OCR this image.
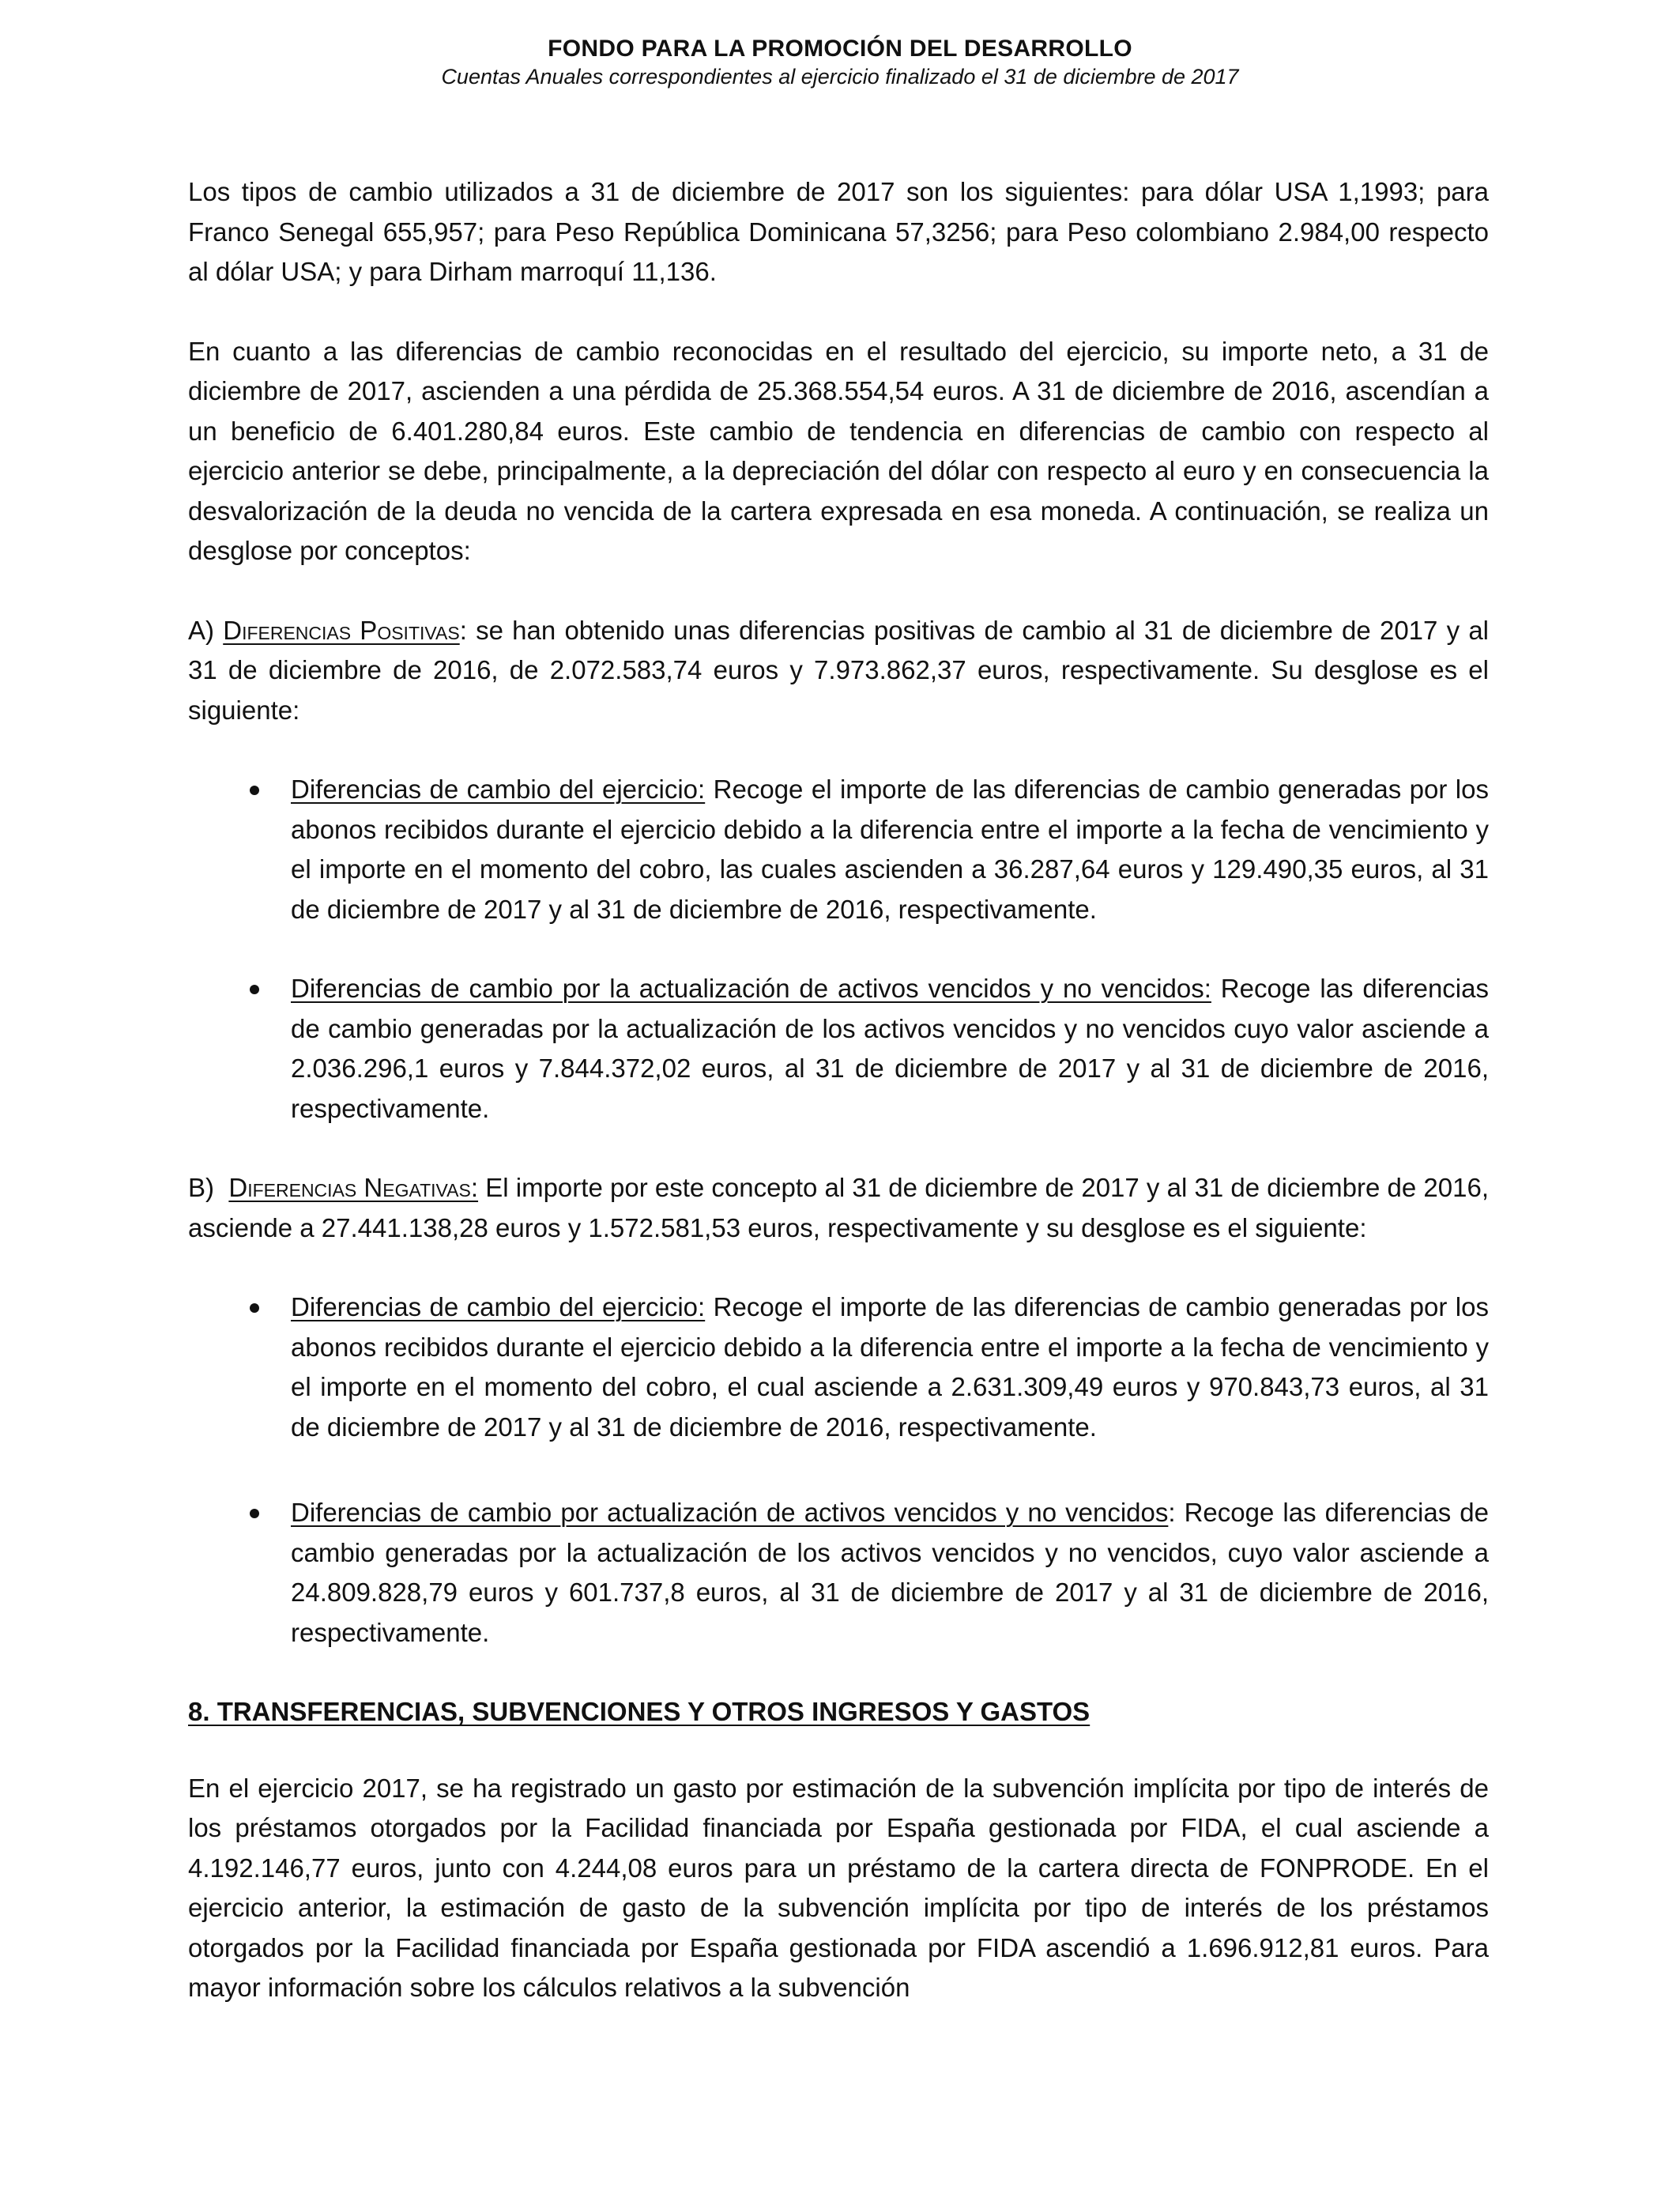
FONDO PARA LA PROMOCIÓN DEL DESARROLLO
Cuentas Anuales correspondientes al ejercicio finalizado el 31 de diciembre de 2017

Los tipos de cambio utilizados a 31 de diciembre de 2017 son los siguientes: para dólar USA 1,1993; para Franco Senegal 655,957; para Peso República Dominicana 57,3256; para Peso colombiano 2.984,00 respecto al dólar USA; y para Dirham marroquí 11,136.

En cuanto a las diferencias de cambio reconocidas en el resultado del ejercicio, su importe neto, a 31 de diciembre de 2017, ascienden a una pérdida de 25.368.554,54 euros. A 31 de diciembre de 2016, ascendían a un beneficio de 6.401.280,84 euros. Este cambio de tendencia en diferencias de cambio con respecto al ejercicio anterior se debe, principalmente, a la depreciación del dólar con respecto al euro y en consecuencia la desvalorización de la deuda no vencida de la cartera expresada en esa moneda. A continuación, se realiza un desglose por conceptos:

A) Diferencias Positivas: se han obtenido unas diferencias positivas de cambio al 31 de diciembre de 2017 y al 31 de diciembre de 2016, de 2.072.583,74 euros y 7.973.862,37 euros, respectivamente. Su desglose es el siguiente:

Diferencias de cambio del ejercicio: Recoge el importe de las diferencias de cambio generadas por los abonos recibidos durante el ejercicio debido a la diferencia entre el importe a la fecha de vencimiento y el importe en el momento del cobro, las cuales ascienden a 36.287,64 euros y 129.490,35 euros, al 31 de diciembre de 2017 y al 31 de diciembre de 2016, respectivamente.
Diferencias de cambio por la actualización de activos vencidos y no vencidos: Recoge las diferencias de cambio generadas por la actualización de los activos vencidos y no vencidos cuyo valor asciende a 2.036.296,1 euros y 7.844.372,02 euros, al 31 de diciembre de 2017 y al 31 de diciembre de 2016, respectivamente.

B)  Diferencias Negativas: El importe por este concepto al 31 de diciembre de 2017 y al 31 de diciembre de 2016, asciende a 27.441.138,28 euros y 1.572.581,53 euros, respectivamente y su desglose es el siguiente:

Diferencias de cambio del ejercicio: Recoge el importe de las diferencias de cambio generadas por los abonos recibidos durante el ejercicio debido a la diferencia entre el importe a la fecha de vencimiento y el importe en el momento del cobro, el cual asciende a 2.631.309,49 euros y 970.843,73 euros, al 31 de diciembre de 2017 y al 31 de diciembre de 2016, respectivamente.
Diferencias de cambio por actualización de activos vencidos y no vencidos: Recoge las diferencias de cambio generadas por la actualización de los activos vencidos y no vencidos, cuyo valor asciende a 24.809.828,79 euros y 601.737,8 euros, al 31 de diciembre de 2017 y al 31 de diciembre de 2016, respectivamente.
8. TRANSFERENCIAS, SUBVENCIONES Y OTROS INGRESOS Y GASTOS

En el ejercicio 2017, se ha registrado un gasto por estimación de la subvención implícita por tipo de interés de los préstamos otorgados por la Facilidad financiada por España gestionada por FIDA, el cual asciende a 4.192.146,77 euros, junto con 4.244,08 euros para un préstamo de la cartera directa de FONPRODE. En el ejercicio anterior, la estimación de gasto de la subvención implícita por tipo de interés de los préstamos otorgados por la Facilidad financiada por España gestionada por FIDA ascendió a 1.696.912,81 euros. Para mayor información sobre los cálculos relativos a la subvención
